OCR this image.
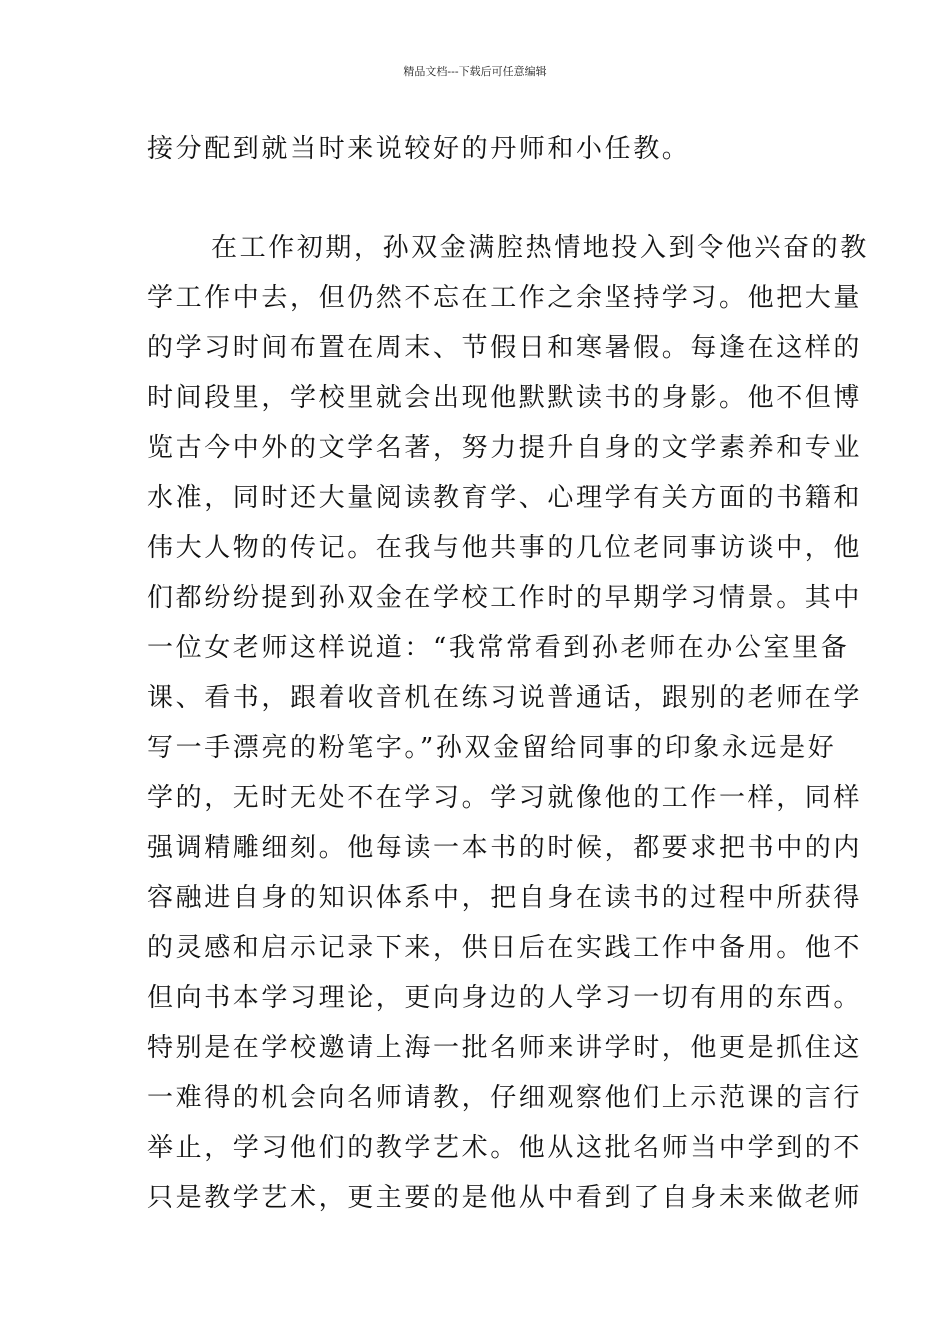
精品文档---下载后可任意编辑
接分配到就当时来说较好的丹师和小任教。
在工作初期，孙双金满腔热情地投入到令他兴奋的教
学工作中去，但仍然不忘在工作之余坚持学习。他把大量
的学习时间布置在周末、节假日和寒暑假。每逢在这样的
时间段里，学校里就会出现他默默读书的身影。他不但博
览古今中外的文学名著，努力提升自身的文学素养和专业
水准，同时还大量阅读教育学、心理学有关方面的书籍和
伟大人物的传记。在我与他共事的几位老同事访谈中，他
们都纷纷提到孙双金在学校工作时的早期学习情景。其中
一位女老师这样说道：“我常常看到孙老师在办公室里备
课、看书，跟着收音机在练习说普通话，跟别的老师在学
写一手漂亮的粉笔字。”孙双金留给同事的印象永远是好
学的，无时无处不在学习。学习就像他的工作一样，同样
强调精雕细刻。他每读一本书的时候，都要求把书中的内
容融进自身的知识体系中，把自身在读书的过程中所获得
的灵感和启示记录下来，供日后在实践工作中备用。他不
但向书本学习理论，更向身边的人学习一切有用的东西。
特别是在学校邀请上海一批名师来讲学时，他更是抓住这
一难得的机会向名师请教，仔细观察他们上示范课的言行
举止，学习他们的教学艺术。他从这批名师当中学到的不
只是教学艺术，更主要的是他从中看到了自身未来做老师
